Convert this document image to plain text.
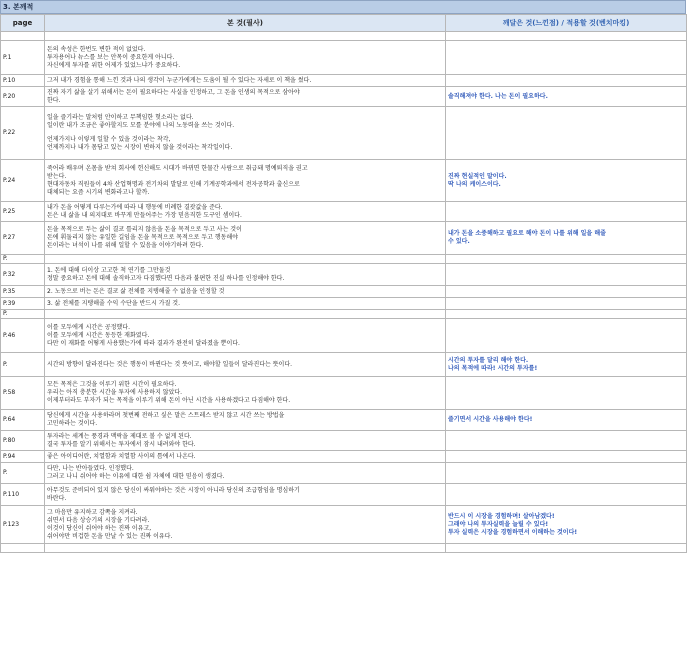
3. 본깨적
page	본 것(필사)	깨달은 것(느낀점) / 적용할 것(벤치마킹)

P.1	돈의 속성은 한번도 변한 적이 없었다.
투자용어나 뉴스를 보는 안목이 중요한게 아니다.
자신에게 투자를 위한 어제가 있었느냐가 중요하다.	

P.10	그저 내가 경험을 통해 느낀 것과 나의 생각이 누군가에게는 도움이 될 수 있다는 자세로 이 책을 썼다.	

P.20	진짜 자기 삶을 살기 위해서는 돈이 필요하다는 사실을 인정하고, 그 돈을 인생의 목적으로 삼아야
한다.	솔직해져야 한다. 나는 돈이 필요하다.

P.22	일을 즐기라는 말처럼 안이하고 무책임한 헛소리는 없다.
일이란 내가 조금은 좋아할지도 모를 분야에 나의 노동력을 쓰는 것이다.
언제가지나 이렇게 일할 수 있을 것이라는 착각,
언제까지나 내가 몸담고 있는 시장이 변하지 않을 것이라는 착각일이다.	

P.24	죽어라 배우며 온몸을 받쳐 회사에 헌신해도 시대가 바뀌면 한물간 사람으로 취급돼 명예퇴직을 권고
받는다.
현대자동차 직원들이 4차 산업혁명과 전기차의 발달로 인해 기계공학과에서 전자공학과 출신으로
대체되는 요즘 시기의 변화라고나 할까.	진짜 현실적인 말이다.
딱 나의 케이스이다.

P.25	내가 돈을 어떻게 다루는가에 따라 내 행동에 비례한 결괏값을 준다.
돈은 내 삶을 내 의지대로 바꾸게 만들어주는 가장 믿음직한 도구인 셈이다.	

P.27	돈을 목적으로 두는 삶이 결코 틀리지 않음을 돈을 목적으로 두고 사는 것이
돈에 휘둘리지 않는 유일한 길임을 돈을 목적으로 목적으로 두고 행동해야
돈이라는 녀석이 나를 위해 일할 수 있음을 이야기하려 한다.	내가 돈을 소중해하고 필요로 해야 돈이 나를 위해 일을 해줄
수 있다.

P.		
P.32	1. 돈에 대해 더이상 고고한 척 연기를 그만둘것
정말 중요하고 돈에 대해 솔직하고자 다짐했다면 다음과 불편한 진실 하나를 인정해야 한다.	

P.35	2. 노동으로 버는 돈은 결코 삶 전체를 지탱해줄 수 없음을 인정할 것	

P.39	3. 삶 전체를 지탱해줄 수익 수단을 반드시 가질 것.	

P.		
P.46	이를 모두에게 시간은 공정했다.
이를 모두에게 시간은 동등한 재화였다.
다만 이 재화를 어떻게 사용했는가에 따라 결과가 완전히 달라졌을 뿐이다.	

P.	시간의 방향이 달라진다는 것은 행동이 바뀐다는 것 뜻이고, 해야할 일들이 달라진다는 뜻이다.	시간의 투자를 달리 해야 한다.
나의 목적에 따라! 시간의 투자를!

P.58	모든 목적은 그것을 이루기 위한 시간이 필요하다.
우리는 아직 충분한 시간을 투자에 사용하지 않았다.
이제부터라도 부자가 되는 목적을 이루기 위해 돈이 아닌 시간을 사용하겠다고 다짐해야 한다.	

P.64	당신에게 시간을 사용하라며 첫번째 전하고 싶은 말은 스트레스 받지 않고 시간 쓰는 방법을
고민하라는 것이다.	즐기면서 시간을 사용해야 한다!

P.80	투자라는 세계는 풍경과 맥락을 제대로 볼 수 없게 된다.
결국 투자를 알기 위해서는 투자에서 잠시 내려와야 한다.	

P.94	좋은 아이디어란, 치열함과 치열함 사이의 틈에서 나온다.	

P.	다만, 나는 반아들였다. 인정했다.
그러고 나니 쉬어야 하는 이유에 대한 쉼 자체에 대한 믿음이 생겼다.	

P.110	아무것도 준비되어 있지 않은 당신이 싸워야하는 것은 시장이 아니라 당신의 조급함임을 명심하기
바란다.	

P.123	그 마음만 유지하고 감쪽을 지켜라.
쉬면서 다음 상승기의 시장을 기다려라.
이것이 당신이 쉬어야 하는 진짜 이유고,
쉬어야만 비겁한 돈을 만날 수 있는 진짜 이유다.	반드시 이 시장을 경험하며! 살아남겠다!
그래야 나의 투자실력을 늘릴 수 있다!
투자 실력은 시장을 경험하면서 이해하는 것이다!
